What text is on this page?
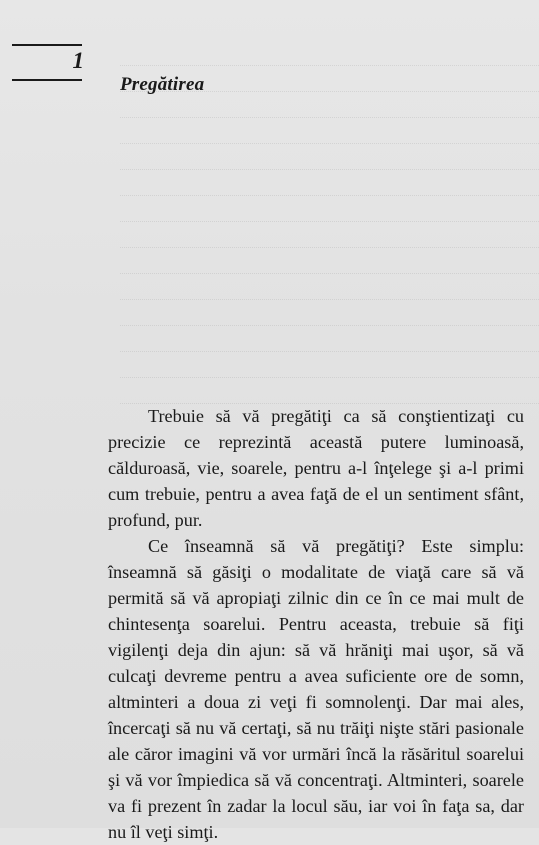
1
Pregătirea

Trebuie să vă pregătiţi ca să conştientizaţi cu precizie ce reprezintă această putere luminoasă, călduroasă, vie, soarele, pentru a-l înţelege şi a-l primi cum trebuie, pentru a avea faţă de el un sentiment sfânt, profund, pur.

Ce înseamnă să vă pregătiţi? Este simplu: înseamnă să găsiţi o modalitate de viaţă care să vă permită să vă apropiaţi zilnic din ce în ce mai mult de chintesenţa soarelui. Pentru aceasta, trebuie să fiţi vigilenţi deja din ajun: să vă hrăniţi mai uşor, să vă culcaţi devreme pentru a avea suficiente ore de somn, altminteri a doua zi veţi fi somnolenţi. Dar mai ales, încercaţi să nu vă certaţi, să nu trăiţi nişte stări pasionale ale căror imagini vă vor urmări încă la răsăritul soarelui şi vă vor împiedica să vă concentraţi. Altminteri, soarele va fi prezent în zadar la locul său, iar voi în faţa sa, dar nu îl veţi simţi.
